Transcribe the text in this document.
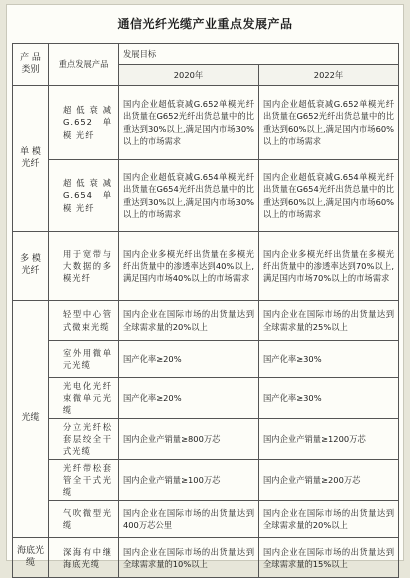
通信光纤光缆产业重点发展产品
产 品 类别	重点发展产品	发展目标	
		2020年	2022年
单 模 光纤	超 低 衰 减 G.652 单 模 光纤	国内企业超低衰减G.652单模光纤出货量在G652光纤出货总量中的比重达到30%以上,满足国内市场30%以上的市场需求	国内企业超低衰减G.652单模光纤出货量在G652光纤出货总量中的比重达到60%以上,满足国内市场60%以上的市场需求
	超 低 衰 减 G.654 单 模 光纤	国内企业超低衰减G.654单模光纤出货量在G654光纤出货总量中的比重达到30%以上,满足国内市场30%以上的市场需求	国内企业超低衰减G.654单模光纤出货量在G654光纤出货总量中的比重达到60%以上,满足国内市场60%以上的市场需求
多 模 光纤	用于宽带与大数据的多模光纤	国内企业多模光纤出货量在多模光纤出货量中的渗透率达到40%以上,满足国内市场40%以上的市场需求	国内企业多模光纤出货量在多模光纤出货量中的渗透率达到70%以上,满足国内市场70%以上的市场需求
光缆	轻型中心管式微束光缆	国内企业在国际市场的出货量达到全球需求量的20%以上	国内企业在国际市场的出货量达到全球需求量的25%以上
	室外用微单元光缆	国产化率≥20%	国产化率≥30%
	光电化光纤束微单元光缆	国产化率≥20%	国产化率≥30%
	分立光纤松套层绞全干式光缆	国内企业产销量≥800万芯	国内企业产销量≥1200万芯
	光纤带松套管全干式光缆	国内企业产销量≥100万芯	国内企业产销量≥200万芯
	气吹微型光缆	国内企业在国际市场的出货量达到400万芯公里	国内企业在国际市场的出货量达到全球需求量的20%以上
海底光缆	深海有中继海底光缆	国内企业在国际市场的出货量达到全球需求量的10%以上	国内企业在国际市场的出货量达到全球需求量的15%以上
